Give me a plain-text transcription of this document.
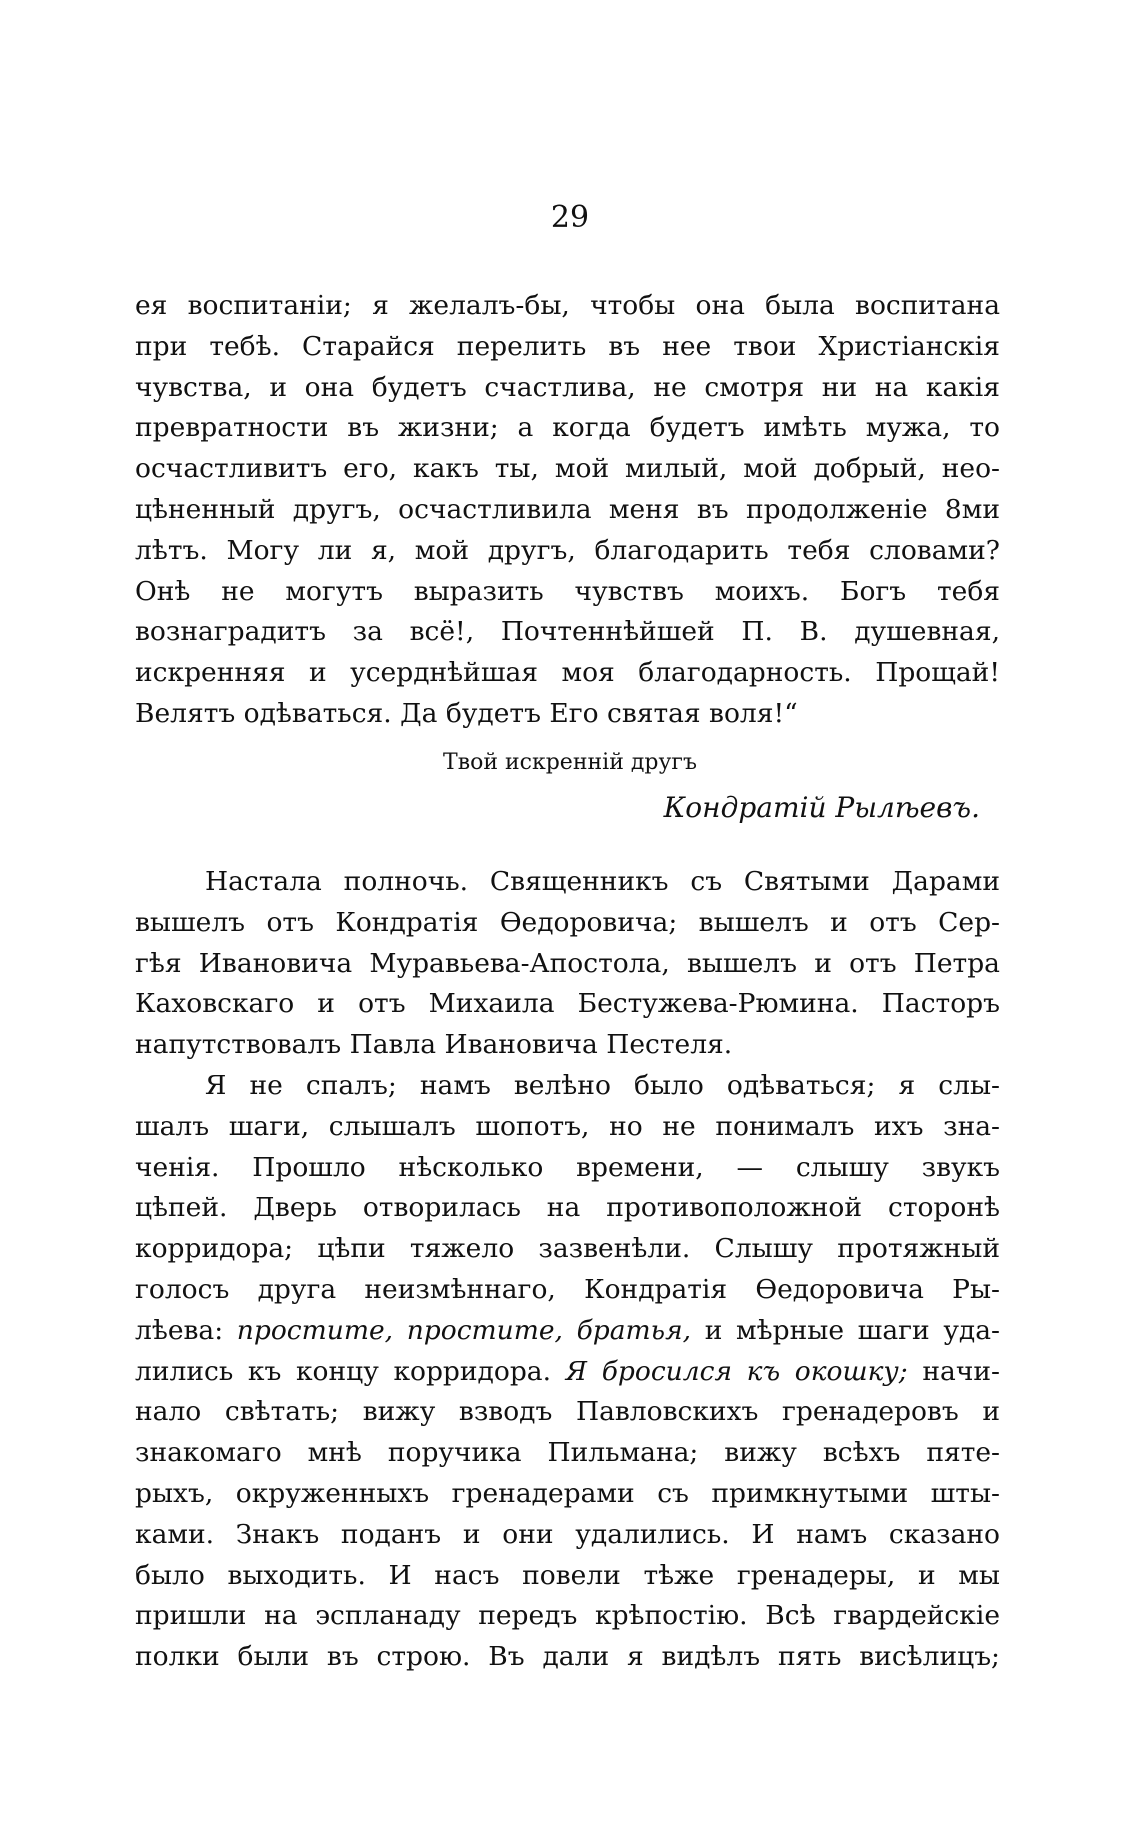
29
ея воспитаніи; я желалъ-бы, чтобы она была воспитана
при тебѣ. Старайся перелить въ нее твои Христіанскія
чувства, и она будетъ счастлива, не смотря ни на какія
превратности въ жизни; а когда будетъ имѣть мужа, то
осчастливитъ его, какъ ты, мой милый, мой добрый, нео-
цѣненный другъ, осчастливила меня въ продолженіе 8ми
лѣтъ. Могу ли я, мой другъ, благодарить тебя словами?
Онѣ не могутъ выразить чувствъ моихъ. Богъ тебя
вознаградитъ за всё!, Почтеннѣйшей П. В. душевная,
искренняя и усерднѣйшая моя благодарность. Прощай!
Велятъ одѣваться. Да будетъ Его святая воля!“
Твой искренній другъ
Кондратій Рылѣевъ.
Настала полночь. Священникъ съ Святыми Дарами
вышелъ отъ Кондратія Ѳедоровича; вышелъ и отъ Сер-
гѣя Ивановича Муравьева-Апостола, вышелъ и отъ Петра
Каховскаго и отъ Михаила Бестужева-Рюмина. Пасторъ
напутствовалъ Павла Ивановича Пестеля.
Я не спалъ; намъ велѣно было одѣваться; я слы-
шалъ шаги, слышалъ шопотъ, но не понималъ ихъ зна-
ченія. Прошло нѣсколько времени, — слышу звукъ
цѣпей. Дверь отворилась на противоположной сторонѣ
корридора; цѣпи тяжело зазвенѣли. Слышу протяжный
голосъ друга неизмѣннаго, Кондратія Ѳедоровича Ры-
лѣева: простите, простите, братья, и мѣрные шаги уда-
лились къ концу корридора. Я бросился къ окошку; начи-
нало свѣтать; вижу взводъ Павловскихъ гренадеровъ и
знакомаго мнѣ поручика Пильмана; вижу всѣхъ пяте-
рыхъ, окруженныхъ гренадерами съ примкнутыми шты-
ками. Знакъ поданъ и они удалились. И намъ сказано
было выходить. И насъ повели тѣже гренадеры, и мы
пришли на эспланаду передъ крѣпостію. Всѣ гвардейскіе
полки были въ строю. Въ дали я видѣлъ пять висѣлицъ;
